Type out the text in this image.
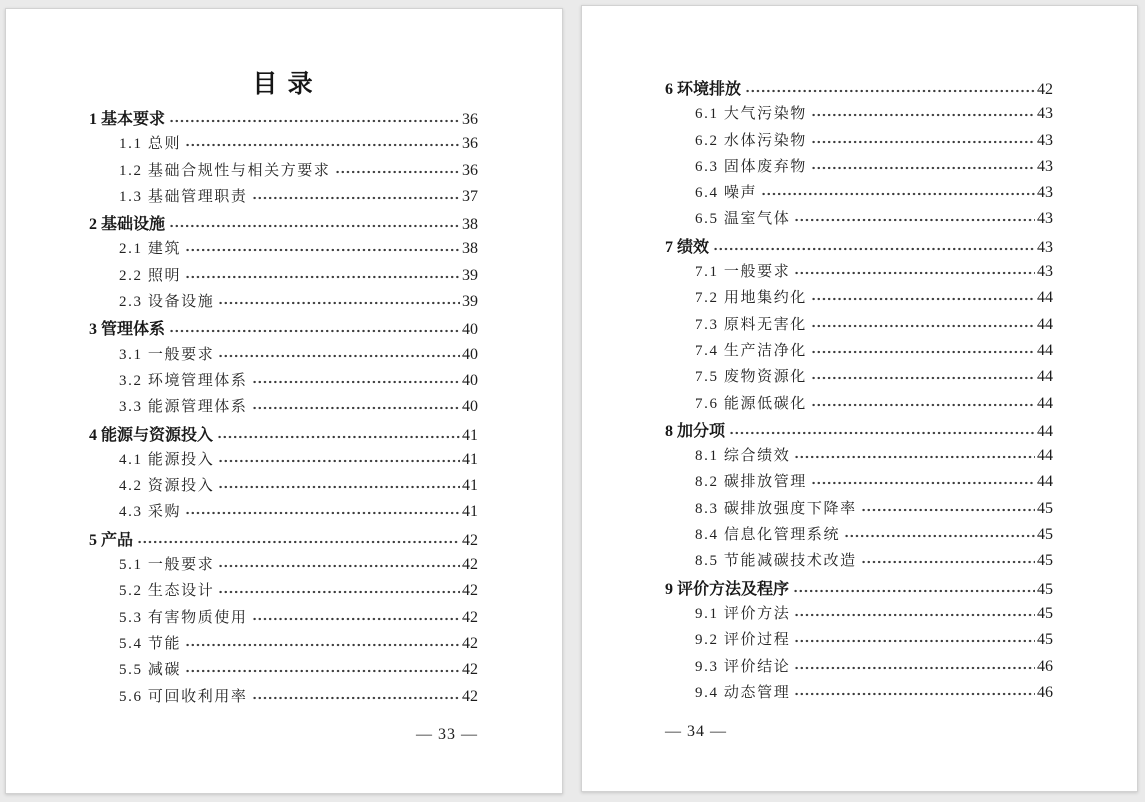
目 录
1 基本要求	36
1.1 总则	36
1.2 基础合规性与相关方要求	36
1.3 基础管理职责	37
2 基础设施	38
2.1 建筑	38
2.2 照明	39
2.3 设备设施	39
3 管理体系	40
3.1 一般要求	40
3.2 环境管理体系	40
3.3 能源管理体系	40
4 能源与资源投入	41
4.1 能源投入	41
4.2 资源投入	41
4.3 采购	41
5 产品	42
5.1 一般要求	42
5.2 生态设计	42
5.3 有害物质使用	42
5.4 节能	42
5.5 减碳	42
5.6 可回收利用率	42
— 33 —
6 环境排放	42
6.1 大气污染物	43
6.2 水体污染物	43
6.3 固体废弃物	43
6.4 噪声	43
6.5 温室气体	43
7 绩效	43
7.1 一般要求	43
7.2 用地集约化	44
7.3 原料无害化	44
7.4 生产洁净化	44
7.5 废物资源化	44
7.6 能源低碳化	44
8 加分项	44
8.1 综合绩效	44
8.2 碳排放管理	44
8.3 碳排放强度下降率	45
8.4 信息化管理系统	45
8.5 节能减碳技术改造	45
9 评价方法及程序	45
9.1 评价方法	45
9.2 评价过程	45
9.3 评价结论	46
9.4 动态管理	46
— 34 —
